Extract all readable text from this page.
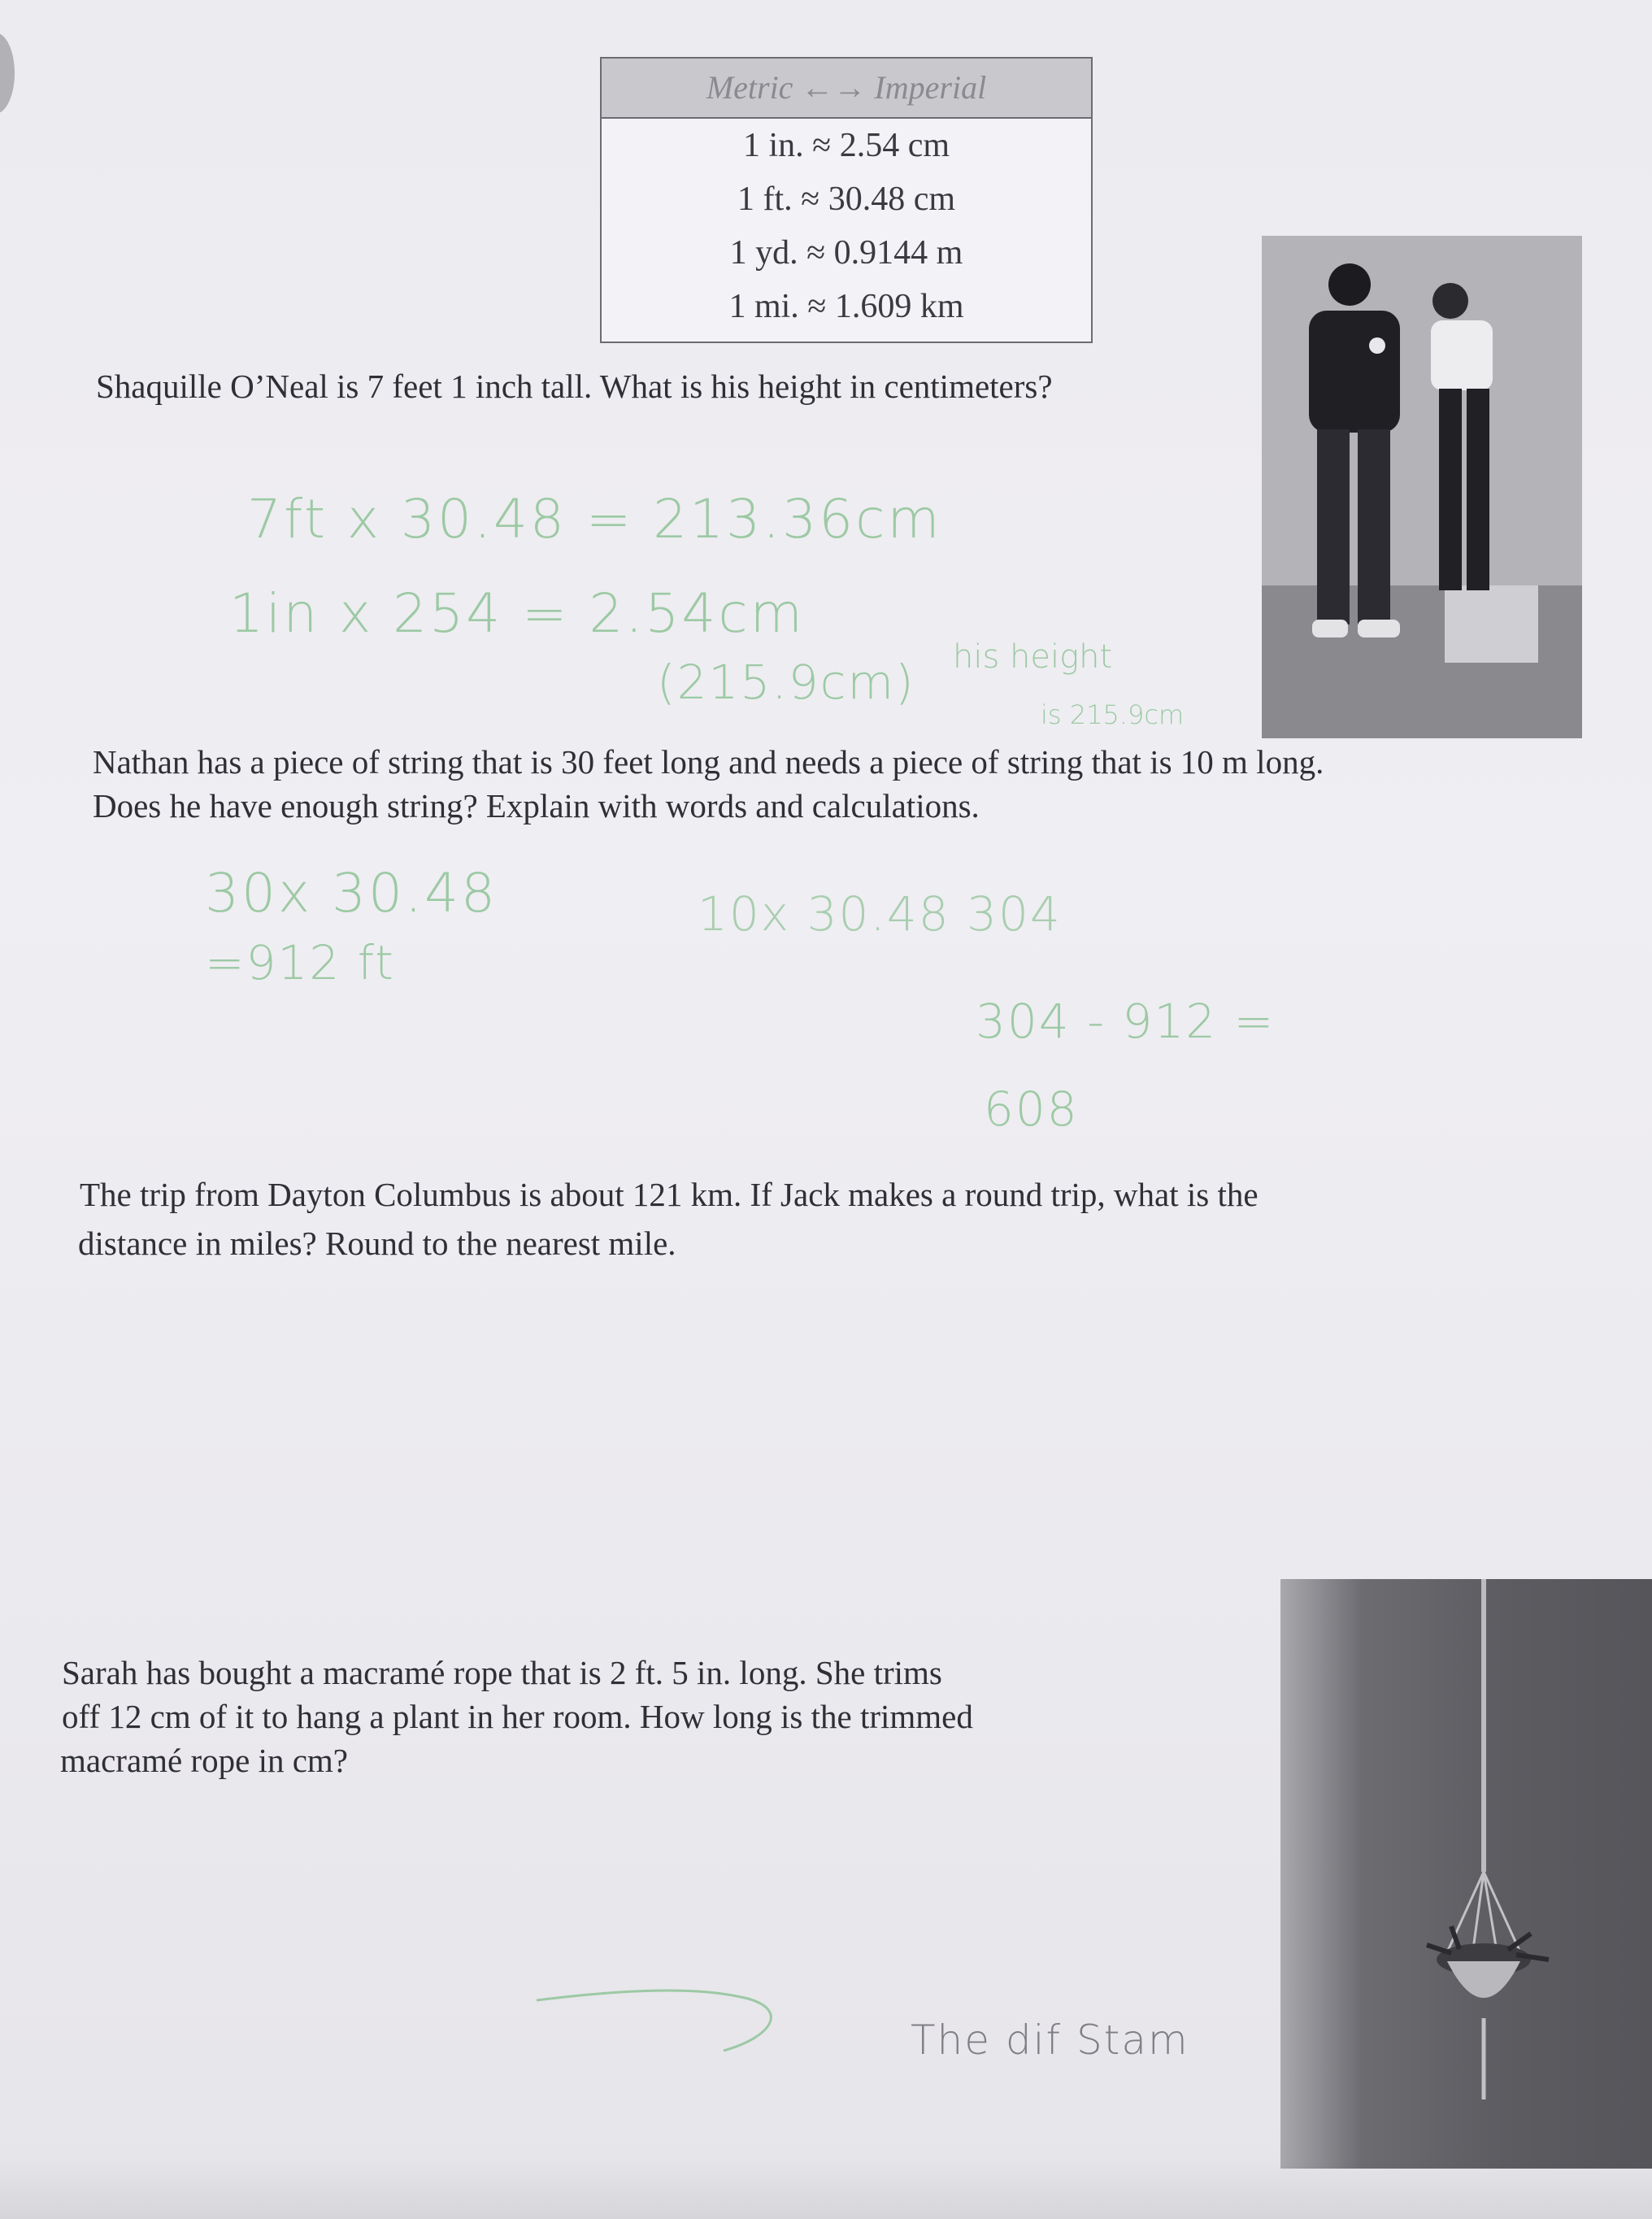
Metric ←→ Imperial
1 in. ≈ 2.54 cm
1 ft. ≈ 30.48 cm
1 yd. ≈ 0.9144 m
1 mi. ≈ 1.609 km

Shaquille O’Neal is 7 feet 1 inch tall. What is his height in centimeters?

7ft x 30.48 = 213.36cm

1in x 254 = 2.54cm

(215.9cm) his height

is 215.9cm

Nathan has a piece of string that is 30 feet long and needs a piece of string that is 10 m long.

Does he have enough string? Explain with words and calculations.

30x 30.48

=912 ft

10x 30.48 304

304 - 912 =

608

The trip from Dayton Columbus is about 121 km. If Jack makes a round trip, what is the

distance in miles? Round to the nearest mile.

Sarah has bought a macramé rope that is 2 ft. 5 in. long. She trims

off 12 cm of it to hang a plant in her room. How long is the trimmed

macramé rope in cm?

The dif Stam
